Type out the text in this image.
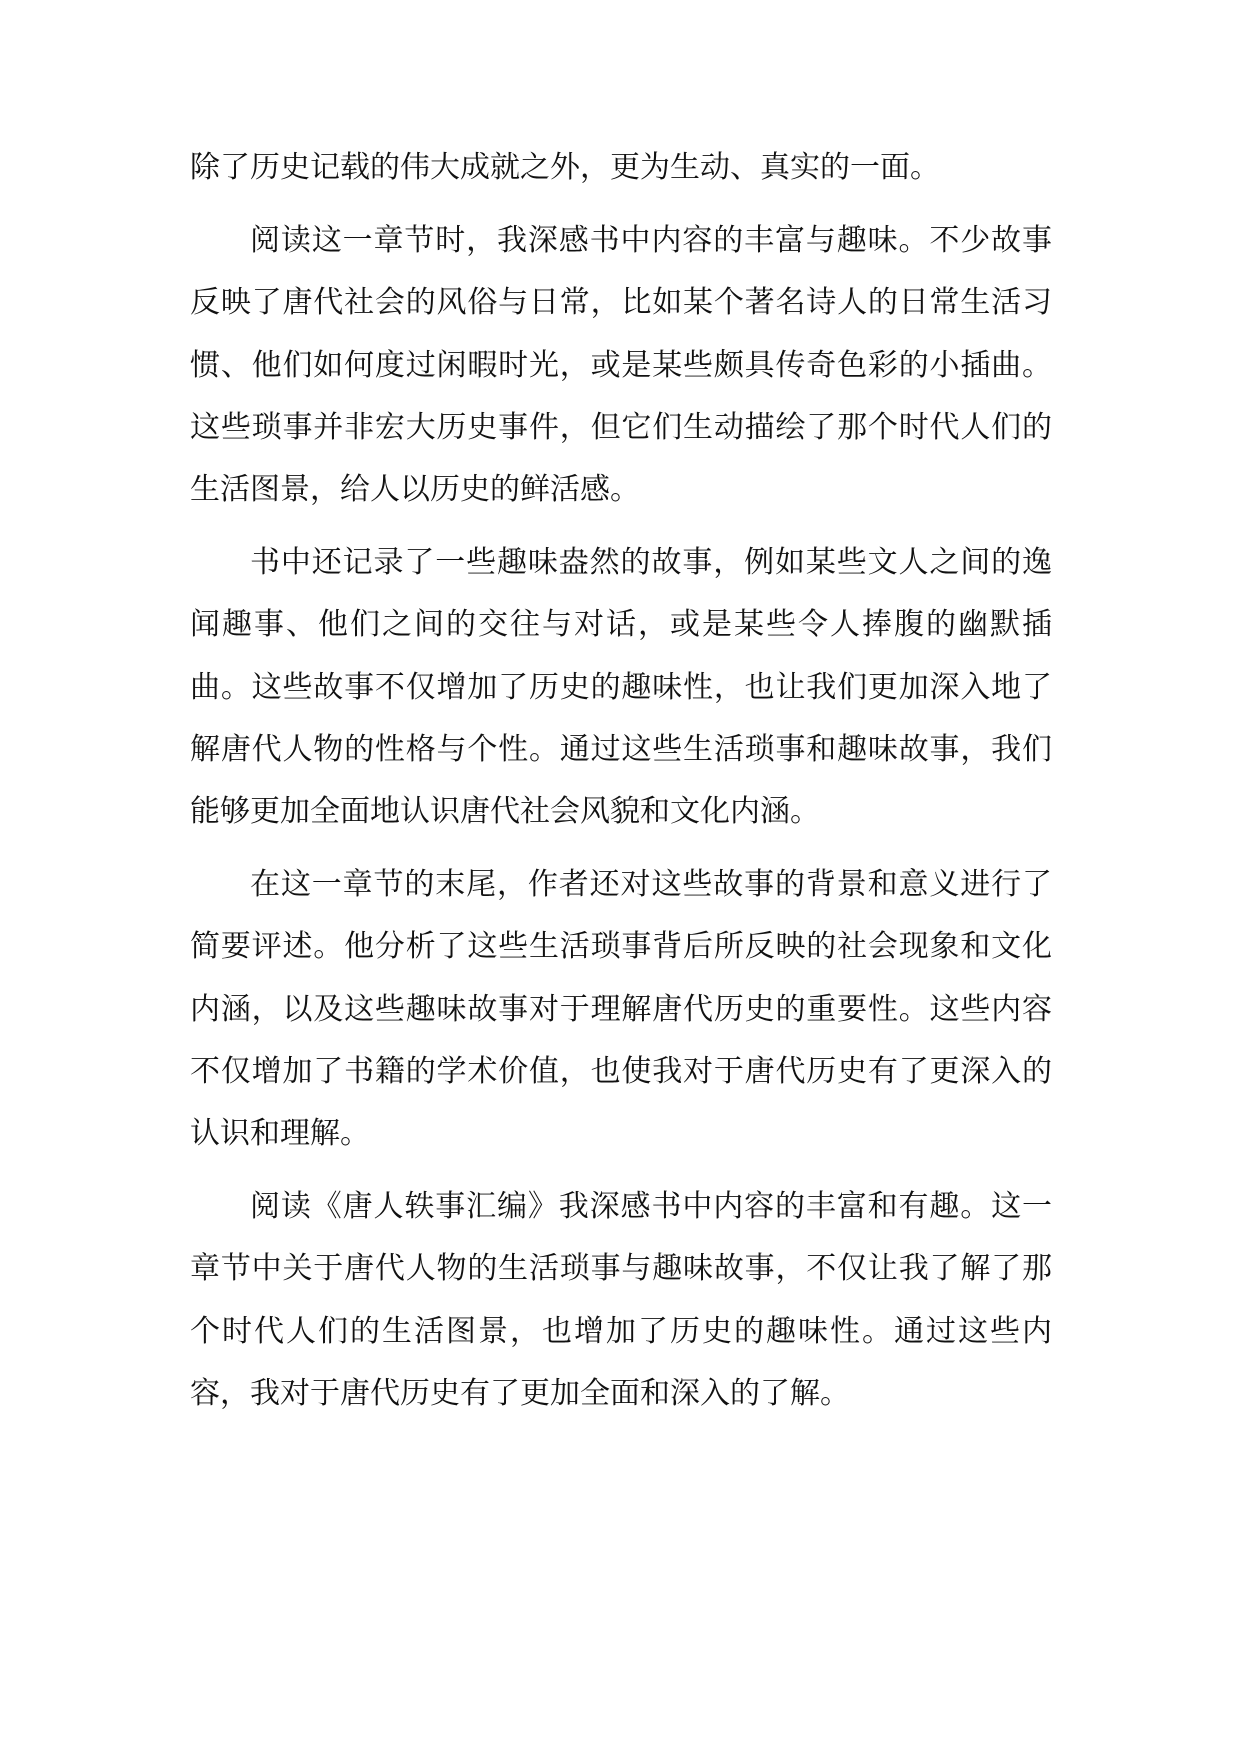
除了历史记载的伟大成就之外，更为生动、真实的一面。

阅读这一章节时，我深感书中内容的丰富与趣味。不少故事反映了唐代社会的风俗与日常，比如某个著名诗人的日常生活习惯、他们如何度过闲暇时光，或是某些颇具传奇色彩的小插曲。这些琐事并非宏大历史事件，但它们生动描绘了那个时代人们的生活图景，给人以历史的鲜活感。

书中还记录了一些趣味盎然的故事，例如某些文人之间的逸闻趣事、他们之间的交往与对话，或是某些令人捧腹的幽默插曲。这些故事不仅增加了历史的趣味性，也让我们更加深入地了解唐代人物的性格与个性。通过这些生活琐事和趣味故事，我们能够更加全面地认识唐代社会风貌和文化内涵。

在这一章节的末尾，作者还对这些故事的背景和意义进行了简要评述。他分析了这些生活琐事背后所反映的社会现象和文化内涵，以及这些趣味故事对于理解唐代历史的重要性。这些内容不仅增加了书籍的学术价值，也使我对于唐代历史有了更深入的认识和理解。

阅读《唐人轶事汇编》我深感书中内容的丰富和有趣。这一章节中关于唐代人物的生活琐事与趣味故事，不仅让我了解了那个时代人们的生活图景，也增加了历史的趣味性。通过这些内容，我对于唐代历史有了更加全面和深入的了解。
